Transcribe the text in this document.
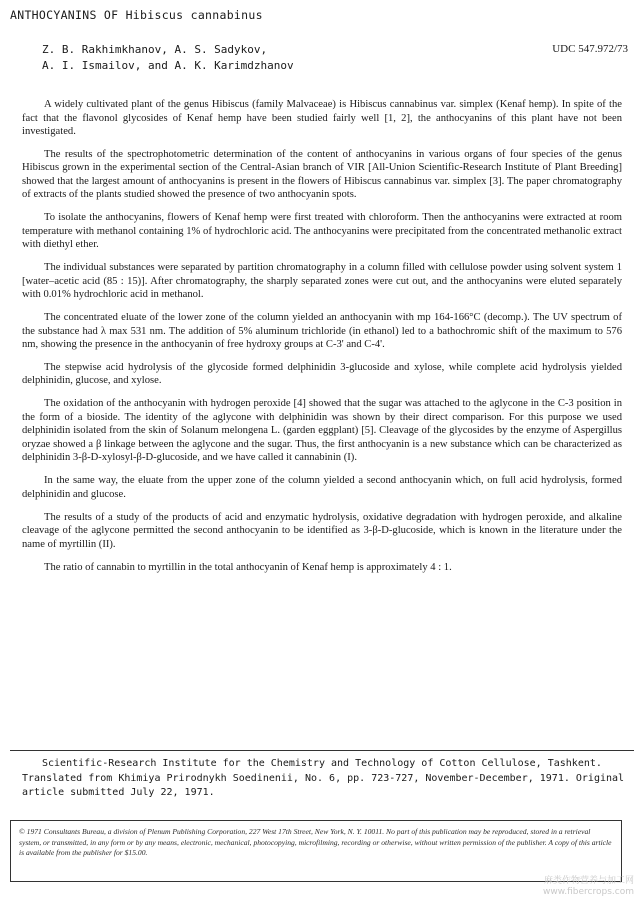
ANTHOCYANINS OF Hibiscus cannabinus
Z. B. Rakhimkhanov, A. S. Sadykov,
A. I. Ismailov, and A. K. Karimdzhanov
UDC 547.972/73

A widely cultivated plant of the genus Hibiscus (family Malvaceae) is Hibiscus cannabinus var. simplex (Kenaf hemp). In spite of the fact that the flavonol glycosides of Kenaf hemp have been studied fairly well [1, 2], the anthocyanins of this plant have not been investigated.

The results of the spectrophotometric determination of the content of anthocyanins in various organs of four species of the genus Hibiscus grown in the experimental section of the Central-Asian branch of VIR [All-Union Scientific-Research Institute of Plant Breeding] showed that the largest amount of anthocyanins is present in the flowers of Hibiscus cannabinus var. simplex [3]. The paper chromatography of extracts of the plants studied showed the presence of two anthocyanin spots.

To isolate the anthocyanins, flowers of Kenaf hemp were first treated with chloroform. Then the anthocyanins were extracted at room temperature with methanol containing 1% of hydrochloric acid. The anthocyanins were precipitated from the concentrated methanolic extract with diethyl ether.

The individual substances were separated by partition chromatography in a column filled with cellulose powder using solvent system 1 [water–acetic acid (85 : 15)]. After chromatography, the sharply separated zones were cut out, and the anthocyanins were eluted separately with 0.01% hydrochloric acid in methanol.

The concentrated eluate of the lower zone of the column yielded an anthocyanin with mp 164-166°C (decomp.). The UV spectrum of the substance had λ max 531 nm. The addition of 5% aluminum trichloride (in ethanol) led to a bathochromic shift of the maximum to 576 nm, showing the presence in the anthocyanin of free hydroxy groups at C-3' and C-4'.

The stepwise acid hydrolysis of the glycoside formed delphinidin 3-glucoside and xylose, while complete acid hydrolysis yielded delphinidin, glucose, and xylose.

The oxidation of the anthocyanin with hydrogen peroxide [4] showed that the sugar was attached to the aglycone in the C-3 position in the form of a bioside. The identity of the aglycone with delphinidin was shown by their direct comparison. For this purpose we used delphinidin isolated from the skin of Solanum melongena L. (garden eggplant) [5]. Cleavage of the glycosides by the enzyme of Aspergillus oryzae showed a β linkage between the aglycone and the sugar. Thus, the first anthocyanin is a new substance which can be characterized as delphinidin 3-β-D-xylosyl-β-D-glucoside, and we have called it cannabinin (I).

In the same way, the eluate from the upper zone of the column yielded a second anthocyanin which, on full acid hydrolysis, formed delphinidin and glucose.

The results of a study of the products of acid and enzymatic hydrolysis, oxidative degradation with hydrogen peroxide, and alkaline cleavage of the aglycone permitted the second anthocyanin to be identified as 3-β-D-glucoside, which is known in the literature under the name of myrtillin (II).

The ratio of cannabin to myrtillin in the total anthocyanin of Kenaf hemp is approximately 4 : 1.

Scientific-Research Institute for the Chemistry and Technology of Cotton Cellulose, Tashkent. Translated from Khimiya Prirodnykh Soedinenii, No. 6, pp. 723-727, November-December, 1971. Original article submitted July 22, 1971.

© 1971 Consultants Bureau, a division of Plenum Publishing Corporation, 227 West 17th Street, New York, N. Y. 10011. No part of this publication may be reproduced, stored in a retrieval system, or transmitted, in any form or by any means, electronic, mechanical, photocopying, microfilming, recording or otherwise, without written permission of the publisher. A copy of this article is available from the publisher for $15.00.
麻类作物营养与加工网
www.fibercrops.com
